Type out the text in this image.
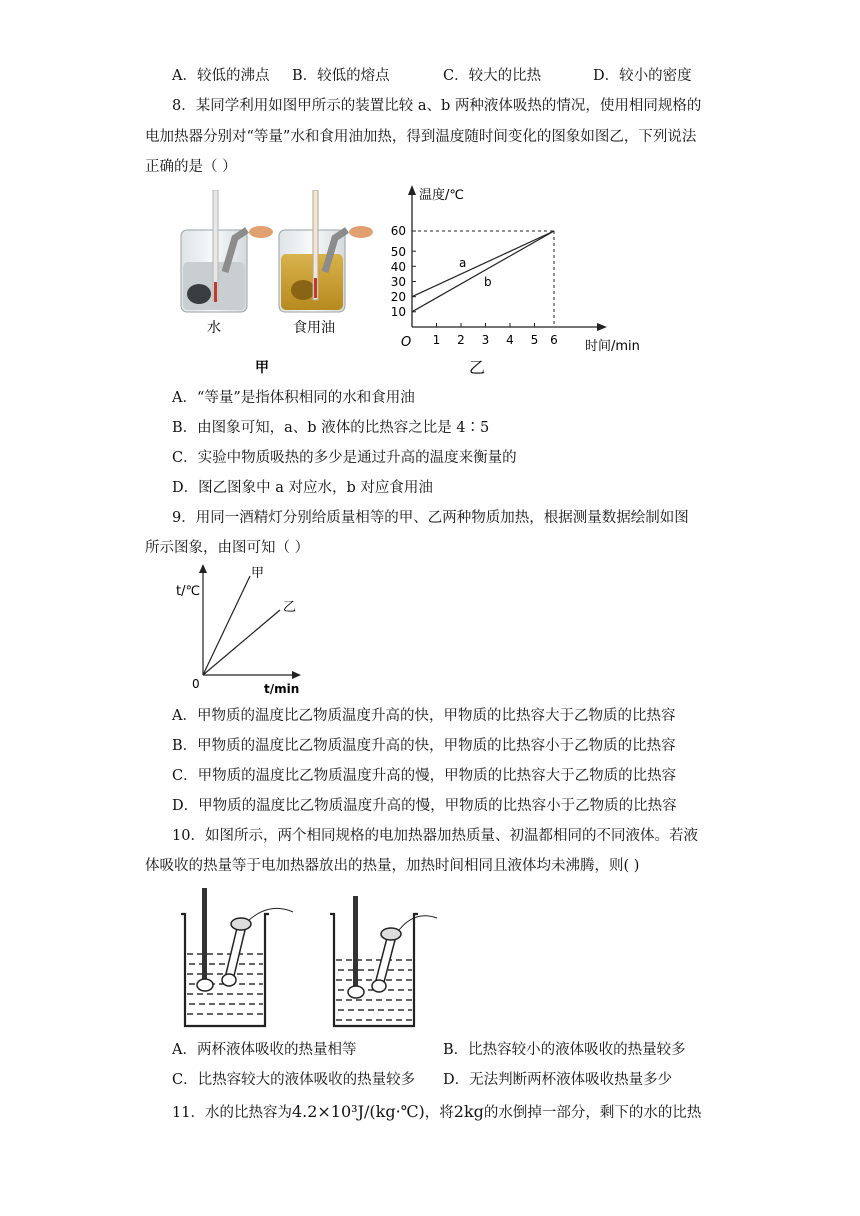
A．较低的沸点 B．较低的熔点	C．较大的比热	D．较小的密度
8．某同学利用如图甲所示的装置比较 a、b 两种液体吸热的情况，使用相同规格的
电加热器分别对“等量”水和食用油加热，得到温度随时间变化的图象如图乙，下列说法
正确的是（ ）
水	食用油
甲
10
20
30
40
50
60
1 2 3 4 5 6
O
温度/℃
时间/min
a
b
乙
A．“等量”是指体积相同的水和食用油
B．由图象可知，a、b 液体的比热容之比是 4∶5
C．实验中物质吸热的多少是通过升高的温度来衡量的
D．图乙图象中 a 对应水，b 对应食用油
9．用同一酒精灯分别给质量相等的甲、乙两种物质加热，根据测量数据绘制如图
所示图象，由图可知（ ）
t/℃
t/min
0
甲
乙
A．甲物质的温度比乙物质温度升高的快，甲物质的比热容大于乙物质的比热容
B．甲物质的温度比乙物质温度升高的快，甲物质的比热容小于乙物质的比热容
C．甲物质的温度比乙物质温度升高的慢，甲物质的比热容大于乙物质的比热容
D．甲物质的温度比乙物质温度升高的慢，甲物质的比热容小于乙物质的比热容
10．如图所示，两个相同规格的电加热器加热质量、初温都相同的不同液体。若液
体吸收的热量等于电加热器放出的热量，加热时间相同且液体均未沸腾，则( )
A．两杯液体吸收的热量相等	B．比热容较小的液体吸收的热量较多
C．比热容较大的液体吸收的热量较多 D．无法判断两杯液体吸收热量多少
11．水的比热容为4.2×10³J/(kg·℃)，将2kg的水倒掉一部分，剩下的水的比热
